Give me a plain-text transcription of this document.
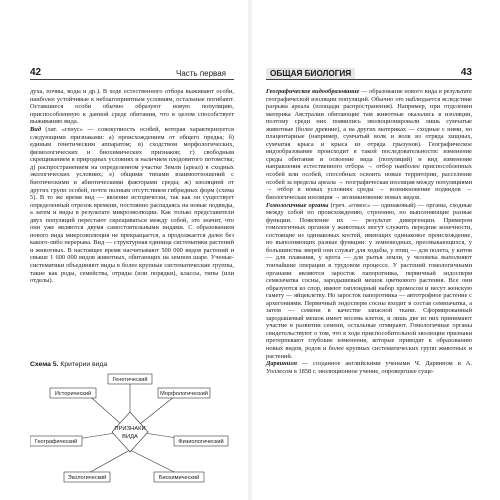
42	Часть первая

духа, почвы, воды и др.). В ходе естественного отбора выживают особи, наиболее устойчивые к неблагоприятным условиям, остальные погибают. Оставшиеся особи обычно образуют новую популяцию, приспособленную к данной среде обитания, что в целом способствует выживанию вида.

Вид (лат. «генус» — совокупность особей, которая характеризуется следующими признаками: а) происхождением от общего предка; б) единым генетическим аппаратом; в) сходством морфологических, физиологических и биохимических признаков; г) свободным скрещиванием в природных условиях и наличием плодовитого потомства; д) распространением на определенном участке Земли (ареал) в сходных экологических условиях; е) общими типами взаимоотношений с биотическими и абиотическими факторами среды; ж) изоляцией от других групп особей, почти полным отсутствием гибридных форм (схема 5). В то же время вид — явление исторически, так как он существует определенный отрезок времени, постоянно распадаясь на новые подвиды, а затем и виды в результате микроэволюции. Как только представители двух популяций перестают скрещиваться между собой, это значит, что они уже являются двумя самостоятельными видами. С образованием нового вида микроэволюция не прекращается, а продолжается далее без какого-либо перерыва. Вид — структурная единица систематики растений и животных. В настоящее время насчитывают 500 000 видов растений и свыше 1 600 000 видов животных, обитающих на земном шаре. Ученые-систематики объединяют виды в более крупные систематические группы, такие как роды, семейства, отряды (или порядки), классы, типы (или отделы).

Схема 5. Критерии вида
ПРИЗНАКИ
ВИДА
Генетический
Исторический	Морфологический
Географический	Физиологический
Экологический	Биохимический
ОБЩАЯ БИОЛОГИЯ	43

Географическое видообразование — образование нового вида в результате географической изоляции популяций. Обычно это наблюдается вследствие разрыва ареала (площади распространения). Например, при отделении материка Австралии обитающие там животные оказались в изоляции, поэтому среди них появились эволюционировали лишь сумчатые животные (более древние), а на других материках — сходные с ними, но плацентарные (например, сумчатый волк и волк из отряда хищных, сумчатая крыса и крыса из отряда грызунов). Географическое видообразование происходит в такой последовательности: изменение среды обитания и освоение вида (популяций) и вид изменение направления естественного отбора → отбор наиболее приспособленных особей или особей, способных освоить новые территории, расселение особей за пределы ареала → географическая изоляция между популяциями → отбор в новых условиях среды → возникновение подвидов → биологическая изоляция → возникновение новых видов.

Гомологичные органы (греч. «гомос» — одинаковый) — органы, сходные между собой по происхождению, строению, но выполняющие разные функции. Появление их — результат дивергенции. Примером гомологичных органов у животных могут служить передние конечности, состоящие из одинаковых костей, имеющих одинаковое происхождение, но выполняющих разные функции: у земноводных, пресмыкающихся, у большинства зверей они служат для ходьбы, у птиц — для полета, у китов — для плавания, у крота — для рытья земли, у человека выполняют тончайшие операции в трудовом процессе. У растений гомологичными органами являются заросток папоротника, первичный эндосперм семязачатка сосны, зародышевый мешок цветкового растения. Все они образуются из спор, имеют гаплоидный набор хромосом и несут женскую гамету — яйцеклетку. Но заросток папоротника — автотрофное растение с архегониями. Первичный эндосперм сосны входит в состав семязачатка, а затем — семени в качестве запасной ткани. Сформированный зародышевый мешок имеет восемь клеток, и лишь две из них принимают участие в развитии семени, остальные отмирают. Гомологичные органы свидетельствуют о том, что в ходе приспособительной эволюции признаки претерпевают глубокие изменения, которые приводят к образованию новых видов, родов и более крупных систематических групп животных и растений.

Дарвинизм — созданное английскими учеными Ч. Дарвином и А. Уоллесом в 1858 г. эволюционное учение, опровергшее суще-
